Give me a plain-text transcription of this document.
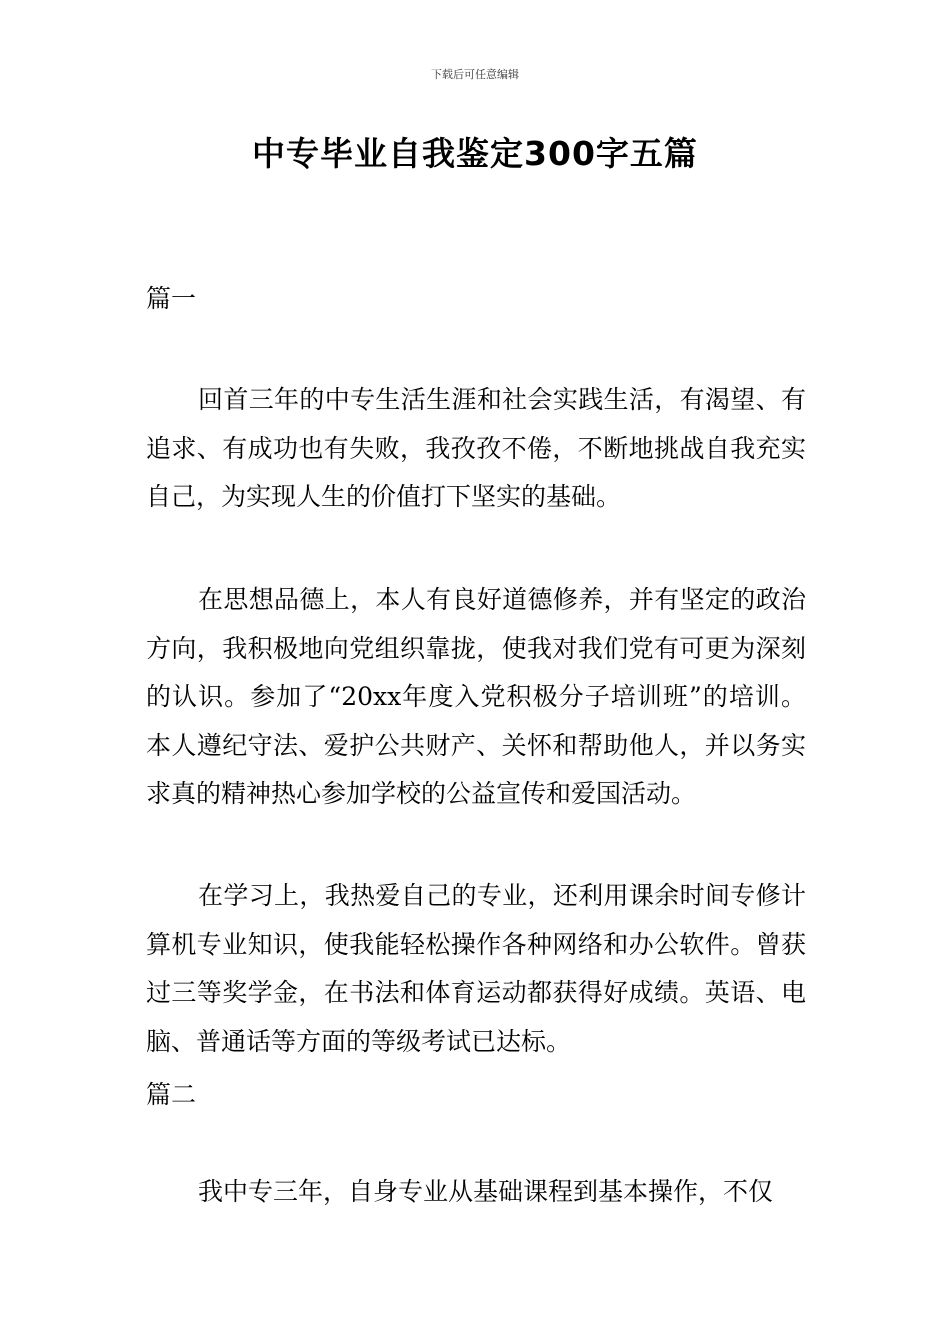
下载后可任意编辑
中专毕业自我鉴定300字五篇
篇一

回首三年的中专生活生涯和社会实践生活，有渴望、有追求、有成功也有失败，我孜孜不倦，不断地挑战自我充实自己，为实现人生的价值打下坚实的基础。

在思想品德上，本人有良好道德修养，并有坚定的政治方向，我积极地向党组织靠拢，使我对我们党有可更为深刻的认识。参加了“20xx年度入党积极分子培训班”的培训。本人遵纪守法、爱护公共财产、关怀和帮助他人，并以务实求真的精神热心参加学校的公益宣传和爱国活动。

在学习上，我热爱自己的专业，还利用课余时间专修计算机专业知识，使我能轻松操作各种网络和办公软件。曾获过三等奖学金，在书法和体育运动都获得好成绩。英语、电脑、普通话等方面的等级考试已达标。

篇二

我中专三年，自身专业从基础课程到基本操作，不仅
